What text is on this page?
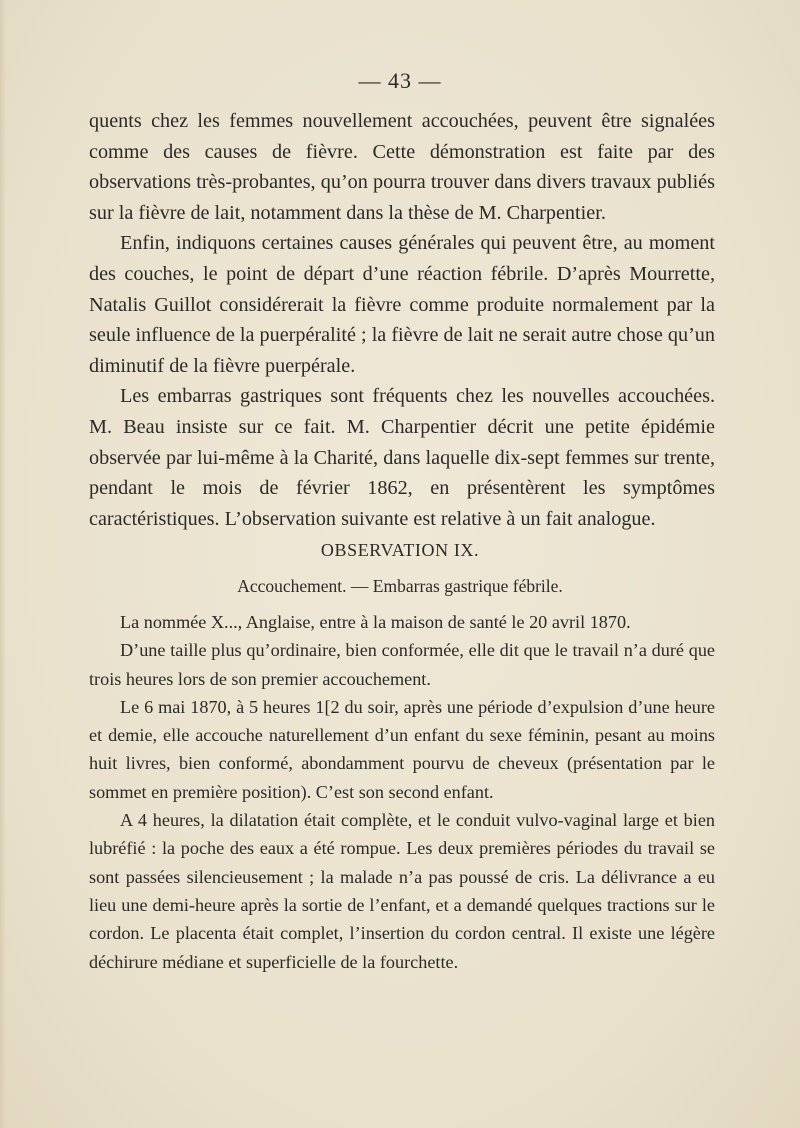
— 43 —

quents chez les femmes nouvellement accouchées, peuvent être signalées comme des causes de fièvre. Cette démonstration est faite par des observations très-probantes, qu’on pourra trouver dans divers travaux publiés sur la fièvre de lait, notamment dans la thèse de M. Charpentier.

Enfin, indiquons certaines causes générales qui peuvent être, au moment des couches, le point de départ d’une réaction fébrile. D’après Mourrette, Natalis Guillot considérerait la fièvre comme produite normalement par la seule influence de la puerpéralité ; la fièvre de lait ne serait autre chose qu’un diminutif de la fièvre puerpérale.

Les embarras gastriques sont fréquents chez les nouvelles accouchées. M. Beau insiste sur ce fait. M. Charpentier décrit une petite épidémie observée par lui-même à la Charité, dans laquelle dix-sept femmes sur trente, pendant le mois de février 1862, en présentèrent les symptômes caractéristiques. L’observation suivante est relative à un fait analogue.

OBSERVATION IX.
Accouchement. — Embarras gastrique fébrile.

La nommée X..., Anglaise, entre à la maison de santé le 20 avril 1870.

D’une taille plus qu’ordinaire, bien conformée, elle dit que le travail n’a duré que trois heures lors de son premier accouchement.

Le 6 mai 1870, à 5 heures 1[2 du soir, après une période d’expulsion d’une heure et demie, elle accouche naturellement d’un enfant du sexe féminin, pesant au moins huit livres, bien conformé, abondamment pourvu de cheveux (présentation par le sommet en première position). C’est son second enfant.

A 4 heures, la dilatation était complète, et le conduit vulvo-vaginal large et bien lubréfié : la poche des eaux a été rompue. Les deux premières périodes du travail se sont passées silencieusement ; la malade n’a pas poussé de cris. La délivrance a eu lieu une demi-heure après la sortie de l’enfant, et a demandé quelques tractions sur le cordon. Le placenta était complet, l’insertion du cordon central. Il existe une légère déchirure médiane et superficielle de la fourchette.
